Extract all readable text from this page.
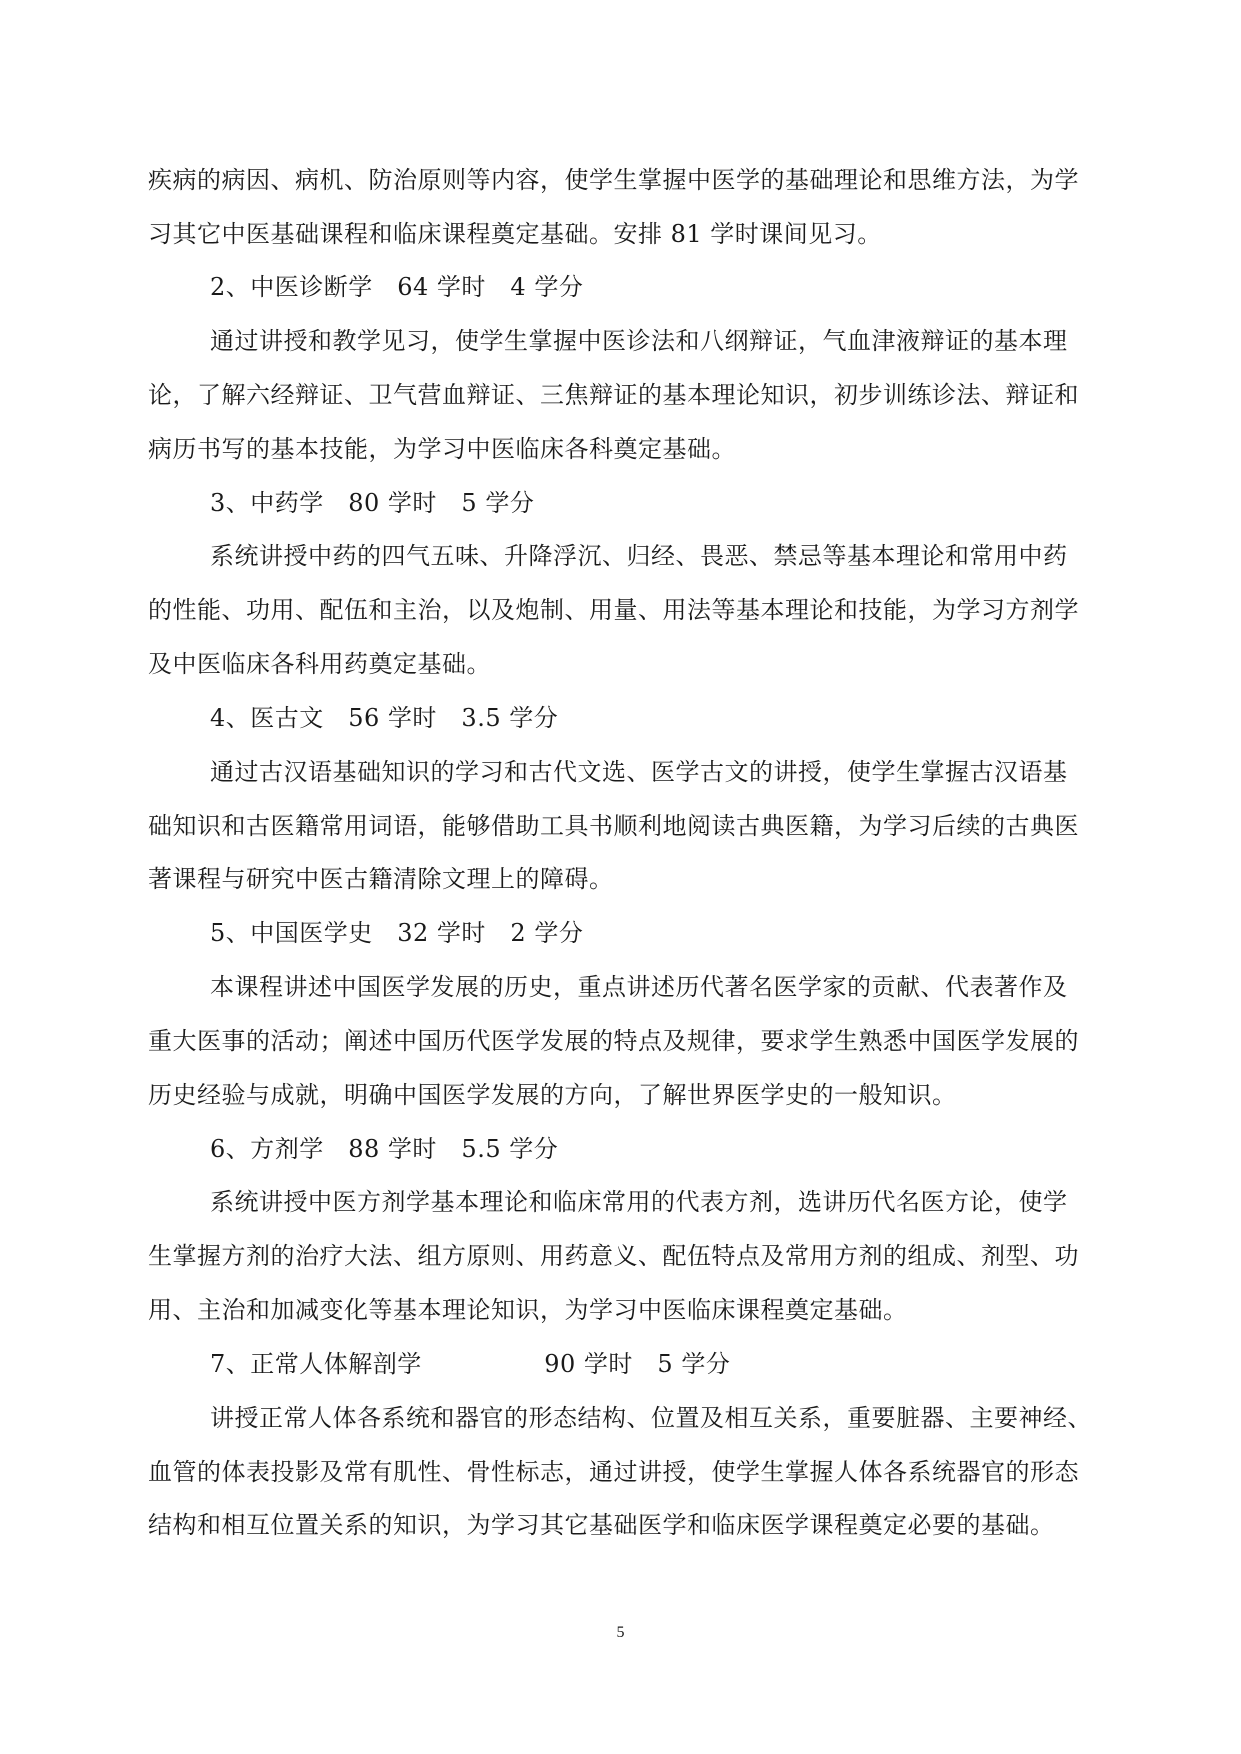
疾病的病因、病机、防治原则等内容，使学生掌握中医学的基础理论和思维方法，为学
习其它中医基础课程和临床课程奠定基础。安排 81 学时课间见习。
2、中医诊断学　64 学时　4 学分
通过讲授和教学见习，使学生掌握中医诊法和八纲辩证，气血津液辩证的基本理
论，了解六经辩证、卫气营血辩证、三焦辩证的基本理论知识，初步训练诊法、辩证和
病历书写的基本技能，为学习中医临床各科奠定基础。
3、中药学　80 学时　5 学分
系统讲授中药的四气五味、升降浮沉、归经、畏恶、禁忌等基本理论和常用中药
的性能、功用、配伍和主治，以及炮制、用量、用法等基本理论和技能，为学习方剂学
及中医临床各科用药奠定基础。
4、医古文　56 学时　3.5 学分
通过古汉语基础知识的学习和古代文选、医学古文的讲授，使学生掌握古汉语基
础知识和古医籍常用词语，能够借助工具书顺利地阅读古典医籍，为学习后续的古典医
著课程与研究中医古籍清除文理上的障碍。
5、中国医学史　32 学时　2 学分
本课程讲述中国医学发展的历史，重点讲述历代著名医学家的贡献、代表著作及
重大医事的活动；阐述中国历代医学发展的特点及规律，要求学生熟悉中国医学发展的
历史经验与成就，明确中国医学发展的方向，了解世界医学史的一般知识。
6、方剂学　88 学时　5.5 学分
系统讲授中医方剂学基本理论和临床常用的代表方剂，选讲历代名医方论，使学
生掌握方剂的治疗大法、组方原则、用药意义、配伍特点及常用方剂的组成、剂型、功
用、主治和加减变化等基本理论知识，为学习中医临床课程奠定基础。
7、正常人体解剖学　　　　　90 学时　5 学分
讲授正常人体各系统和器官的形态结构、位置及相互关系，重要脏器、主要神经、
血管的体表投影及常有肌性、骨性标志，通过讲授，使学生掌握人体各系统器官的形态
结构和相互位置关系的知识，为学习其它基础医学和临床医学课程奠定必要的基础。
5
